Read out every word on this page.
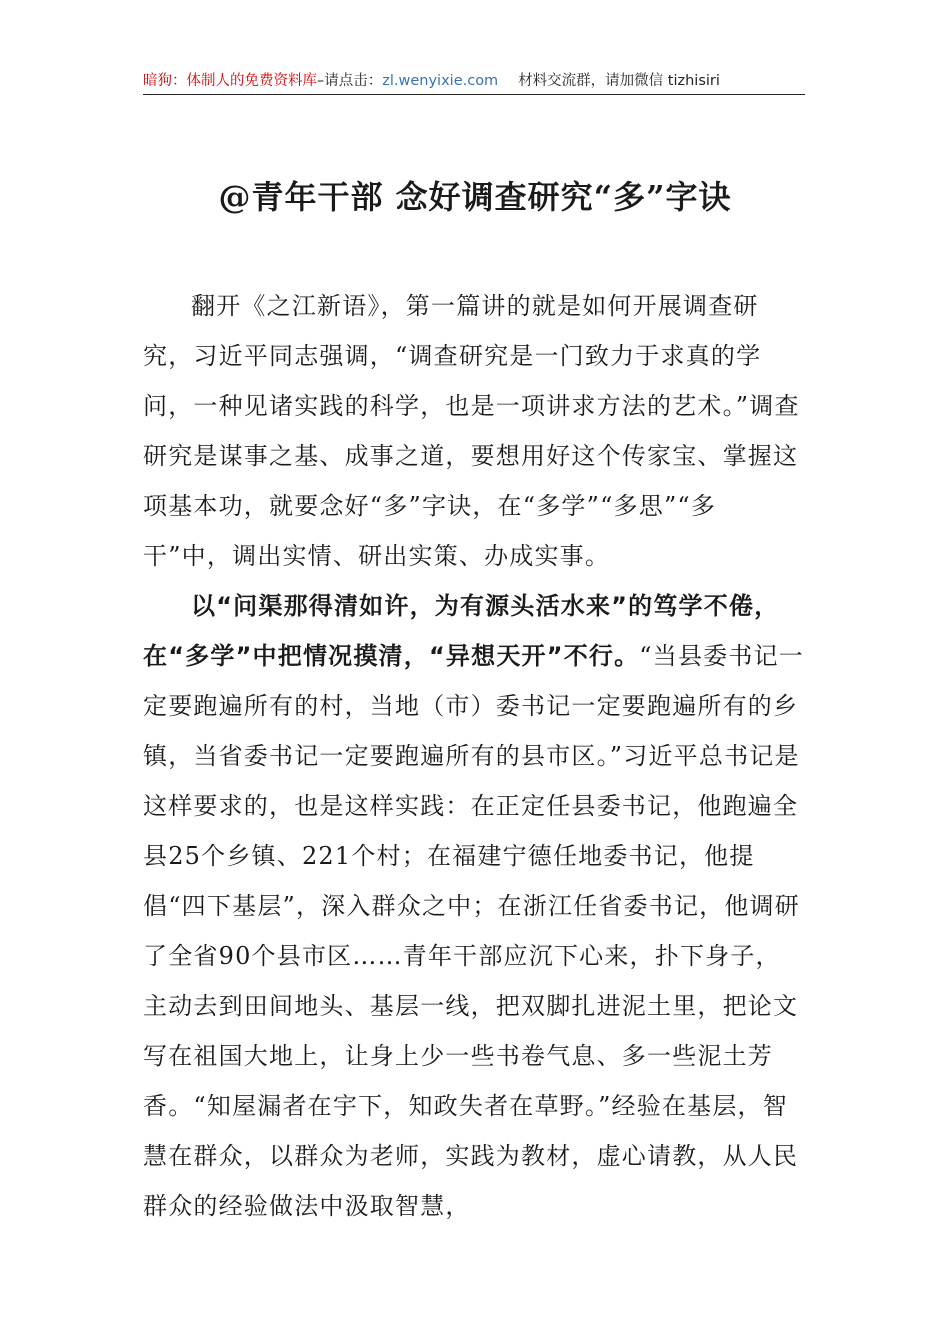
暗狗：体制人的免费资料库–请点击：zl.wenyixie.com 材料交流群，请加微信 tizhisiri
@青年干部 念好调查研究“多”字诀

翻开《之江新语》，第一篇讲的就是如何开展调查研究，习近平同志强调，“调查研究是一门致力于求真的学问，一种见诸实践的科学，也是一项讲求方法的艺术。”调查研究是谋事之基、成事之道，要想用好这个传家宝、掌握这项基本功，就要念好“多”字诀，在“多学”“多思”“多干”中，调出实情、研出实策、办成实事。

以“问渠那得清如许，为有源头活水来”的笃学不倦，在“多学”中把情况摸清，“异想天开”不行。“当县委书记一定要跑遍所有的村，当地（市）委书记一定要跑遍所有的乡镇，当省委书记一定要跑遍所有的县市区。”习近平总书记是这样要求的，也是这样实践：在正定任县委书记，他跑遍全县25个乡镇、221个村；在福建宁德任地委书记，他提倡“四下基层”，深入群众之中；在浙江任省委书记，他调研了全省90个县市区……青年干部应沉下心来，扑下身子，主动去到田间地头、基层一线，把双脚扎进泥土里，把论文写在祖国大地上，让身上少一些书卷气息、多一些泥土芳香。“知屋漏者在宇下，知政失者在草野。”经验在基层，智慧在群众，以群众为老师，实践为教材，虚心请教，从人民群众的经验做法中汲取智慧，
